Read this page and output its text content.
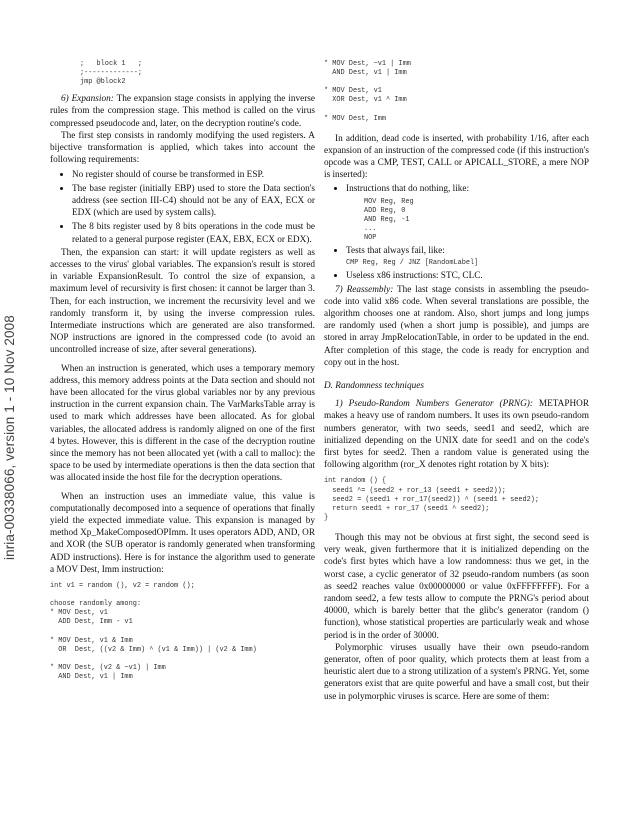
inria-00338066, version 1 - 10 Nov 2008
;   block 1   ;
;-------------;
jmp @block2

6) Expansion: The expansion stage consists in applying the inverse rules from the compression stage. This method is called on the virus compressed pseudocode and, later, on the decryption routine's code.

The first step consists in randomly modifying the used registers. A bijective transformation is applied, which takes into account the following requirements:

• No register should of course be transformed in ESP.
• The base register (initially EBP) used to store the Data section's address (see section III-C4) should not be any of EAX, ECX or EDX (which are used by system calls).
• The 8 bits register used by 8 bits operations in the code must be related to a general purpose register (EAX, EBX, ECX or EDX).

Then, the expansion can start: it will update registers as well as accesses to the virus' global variables. The expansion's result is stored in variable ExpansionResult. To control the size of expansion, a maximum level of recursivity is first chosen: it cannot be larger than 3. Then, for each instruction, we increment the recursivity level and we randomly transform it, by using the inverse compression rules. Intermediate instructions which are generated are also transformed. NOP instructions are ignored in the compressed code (to avoid an uncontrolled increase of size, after several generations).

When an instruction is generated, which uses a temporary memory address, this memory address points at the Data section and should not have been allocated for the virus global variables nor by any previous instruction in the current expansion chain. The VarMarksTable array is used to mark which addresses have been allocated. As for global variables, the allocated address is randomly aligned on one of the first 4 bytes. However, this is different in the case of the decryption routine since the memory has not been allocated yet (with a call to malloc): the space to be used by intermediate operations is then the data section that was allocated inside the host file for the decryption operations.

When an instruction uses an immediate value, this value is computationally decomposed into a sequence of operations that finally yield the expected immediate value. This expansion is managed by method Xp_MakeComposedOPImm. It uses operators ADD, AND, OR and XOR (the SUB operator is randomly generated when transforming ADD instructions). Here is for instance the algorithm used to generate a MOV Dest, Imm instruction:

int v1 = random (), v2 = random ();

choose randomly among:
* MOV Dest, v1
ADD Dest, Imm - v1

* MOV Dest, v1 & Imm
OR  Dest, ((v2 & Imm) ^ (v1 & Imm)) | (v2 & Imm)

* MOV Dest, (v2 & ~v1) | Imm
AND Dest, v1 | Imm
* MOV Dest, ~v1 | Imm
AND Dest, v1 | Imm

* MOV Dest, v1
XOR Dest, v1 ^ Imm

* MOV Dest, Imm

In addition, dead code is inserted, with probability 1/16, after each expansion of an instruction of the compressed code (if this instruction's opcode was a CMP, TEST, CALL or APICALL_STORE, a mere NOP is inserted):

• Instructions that do nothing, like:
MOV Reg, Reg
ADD Reg, 0
AND Reg, -1
...
NOP
• Tests that always fail, like:
CMP Reg, Reg / JNZ [RandomLabel]
• Useless x86 instructions: STC, CLC.

7) Reassembly: The last stage consists in assembling the pseudo-code into valid x86 code. When several translations are possible, the algorithm chooses one at random. Also, short jumps and long jumps are randomly used (when a short jump is possible), and jumps are stored in array JmpRelocationTable, in order to be updated in the end. After completion of this stage, the code is ready for encryption and copy out in the host.

D. Randomness techniques

1) Pseudo-Random Numbers Generator (PRNG): METAPHOR makes a heavy use of random numbers. It uses its own pseudo-random numbers generator, with two seeds, seed1 and seed2, which are initialized depending on the UNIX date for seed1 and on the code's first bytes for seed2. Then a random value is generated using the following algorithm (ror_X denotes right rotation by X bits):

int random () {
seed1 ^= (seed2 + ror_13 (seed1 + seed2));
seed2 = (seed1 + ror_17(seed2)) ^ (seed1 + seed2);
return seed1 + ror_17 (seed1 ^ seed2);
}

Though this may not be obvious at first sight, the second seed is very weak, given furthermore that it is initialized depending on the code's first bytes which have a low randomness: thus we get, in the worst case, a cyclic generator of 32 pseudo-random numbers (as soon as seed2 reaches value 0x00000000 or value 0xFFFFFFFF). For a random seed2, a few tests allow to compute the PRNG's period about 40000, which is barely better that the glibc's generator (random () function), whose statistical properties are particularly weak and whose period is in the order of 30000.

Polymorphic viruses usually have their own pseudo-random generator, often of poor quality, which protects them at least from a heuristic alert due to a strong utilization of a system's PRNG. Yet, some generators exist that are quite powerful and have a small cost, but their use in polymorphic viruses is scarce. Here are some of them:
